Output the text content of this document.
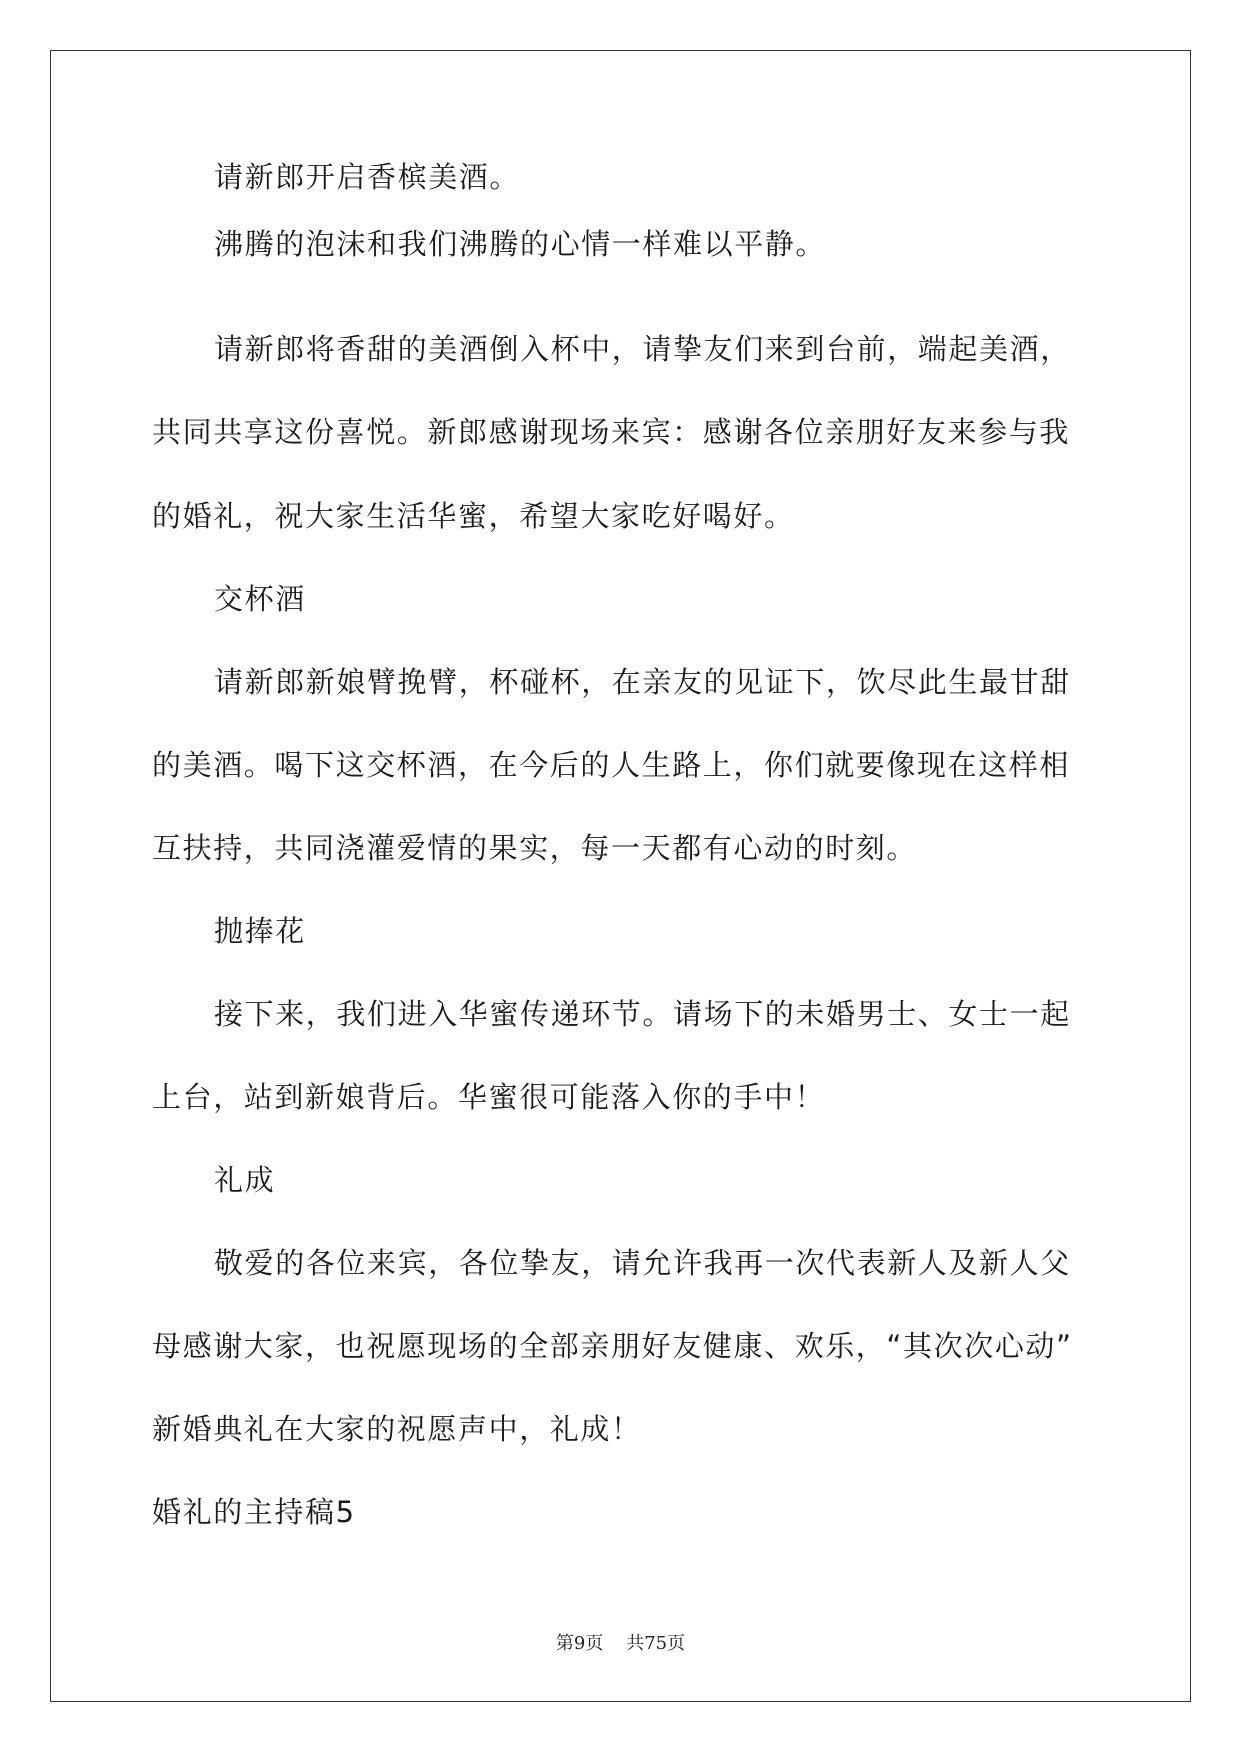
请新郎开启香槟美酒。
沸腾的泡沫和我们沸腾的心情一样难以平静。
请新郎将香甜的美酒倒入杯中，请挚友们来到台前，端起美酒，
共同共享这份喜悦。新郎感谢现场来宾：感谢各位亲朋好友来参与我
的婚礼，祝大家生活华蜜，希望大家吃好喝好。
交杯酒
请新郎新娘臂挽臂，杯碰杯，在亲友的见证下，饮尽此生最甘甜
的美酒。喝下这交杯酒，在今后的人生路上，你们就要像现在这样相
互扶持，共同浇灌爱情的果实，每一天都有心动的时刻。
抛捧花
接下来，我们进入华蜜传递环节。请场下的未婚男士、女士一起
上台，站到新娘背后。华蜜很可能落入你的手中！
礼成
敬爱的各位来宾，各位挚友，请允许我再一次代表新人及新人父
母感谢大家，也祝愿现场的全部亲朋好友健康、欢乐，“其次次心动”
新婚典礼在大家的祝愿声中，礼成！
婚礼的主持稿5
第9页 共75页
